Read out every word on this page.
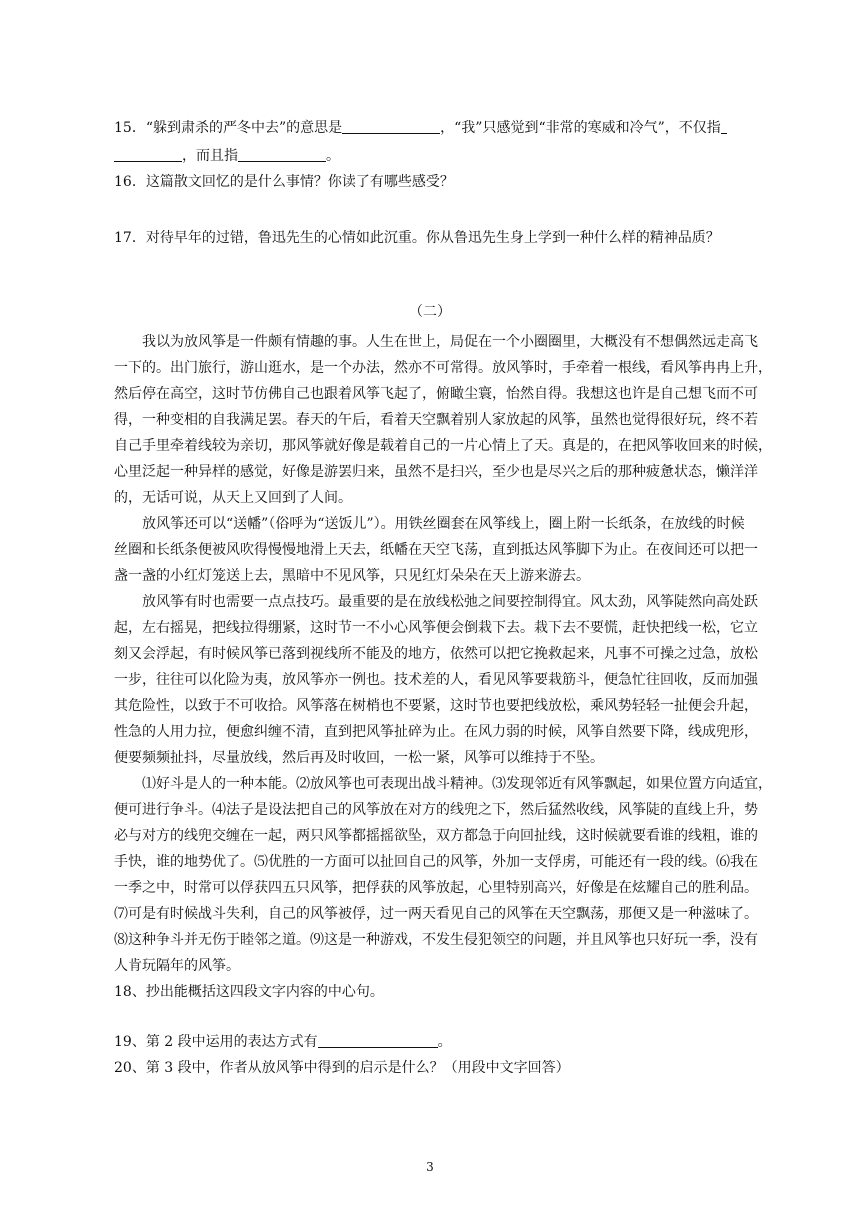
15．“躲到肃杀的严冬中去”的意思是	，“我”只感觉到“非常的寒威和冷气”，不仅指
，而且指	。
16．这篇散文回忆的是什么事情？你读了有哪些感受？
17．对待早年的过错，鲁迅先生的心情如此沉重。你从鲁迅先生身上学到一种什么样的精神品质？
（二）
我以为放风筝是一件颇有情趣的事。人生在世上，局促在一个小圈圈里，大概没有不想偶然远走高飞
一下的。出门旅行，游山逛水，是一个办法，然亦不可常得。放风筝时，手牵着一根线，看风筝冉冉上升，
然后停在高空，这时节仿佛自己也跟着风筝飞起了，俯瞰尘寰，怡然自得。我想这也许是自己想飞而不可
得，一种变相的自我满足罢。春天的午后，看着天空飘着别人家放起的风筝，虽然也觉得很好玩，终不若
自己手里牵着线较为亲切，那风筝就好像是载着自己的一片心情上了天。真是的，在把风筝收回来的时候，
心里泛起一种异样的感觉，好像是游罢归来，虽然不是扫兴，至少也是尽兴之后的那种疲惫状态，懒洋洋
的，无话可说，从天上又回到了人间。
放风筝还可以“送幡”（俗呼为“送饭儿”）。用铁丝圈套在风筝线上，圈上附一长纸条，在放线的时候
丝圈和长纸条便被风吹得慢慢地滑上天去，纸幡在天空飞荡，直到抵达风筝脚下为止。在夜间还可以把一
盏一盏的小红灯笼送上去，黑暗中不见风筝，只见红灯朵朵在天上游来游去。
放风筝有时也需要一点点技巧。最重要的是在放线松弛之间要控制得宜。风太劲，风筝陡然向高处跃
起，左右摇晃，把线拉得绷紧，这时节一不小心风筝便会倒栽下去。栽下去不要慌，赶快把线一松，它立
刻又会浮起，有时候风筝已落到视线所不能及的地方，依然可以把它挽救起来，凡事不可操之过急，放松
一步，往往可以化险为夷，放风筝亦一例也。技术差的人，看见风筝要栽筋斗，便急忙往回收，反而加强
其危险性，以致于不可收拾。风筝落在树梢也不要紧，这时节也要把线放松，乘风势轻轻一扯便会升起，
性急的人用力拉，便愈纠缠不清，直到把风筝扯碎为止。在风力弱的时候，风筝自然要下降，线成兜形，
便要频频扯抖，尽量放线，然后再及时收回，一松一紧，风筝可以维持于不坠。
⑴好斗是人的一种本能。⑵放风筝也可表现出战斗精神。⑶发现邻近有风筝飘起，如果位置方向适宜，
便可进行争斗。⑷法子是设法把自己的风筝放在对方的线兜之下，然后猛然收线，风筝陡的直线上升，势
必与对方的线兜交缠在一起，两只风筝都摇摇欲坠，双方都急于向回扯线，这时候就要看谁的线粗，谁的
手快，谁的地势优了。⑸优胜的一方面可以扯回自己的风筝，外加一支俘虏，可能还有一段的线。⑹我在
一季之中，时常可以俘获四五只风筝，把俘获的风筝放起，心里特别高兴，好像是在炫耀自己的胜利品。
⑺可是有时候战斗失利，自己的风筝被俘，过一两天看见自己的风筝在天空飘荡，那便又是一种滋味了。
⑻这种争斗并无伤于睦邻之道。⑼这是一种游戏，不发生侵犯领空的问题，并且风筝也只好玩一季，没有
人肯玩隔年的风筝。
18、抄出能概括这四段文字内容的中心句。
19、第 2 段中运用的表达方式有	。
20、第 3 段中，作者从放风筝中得到的启示是什么？（用段中文字回答）
3
